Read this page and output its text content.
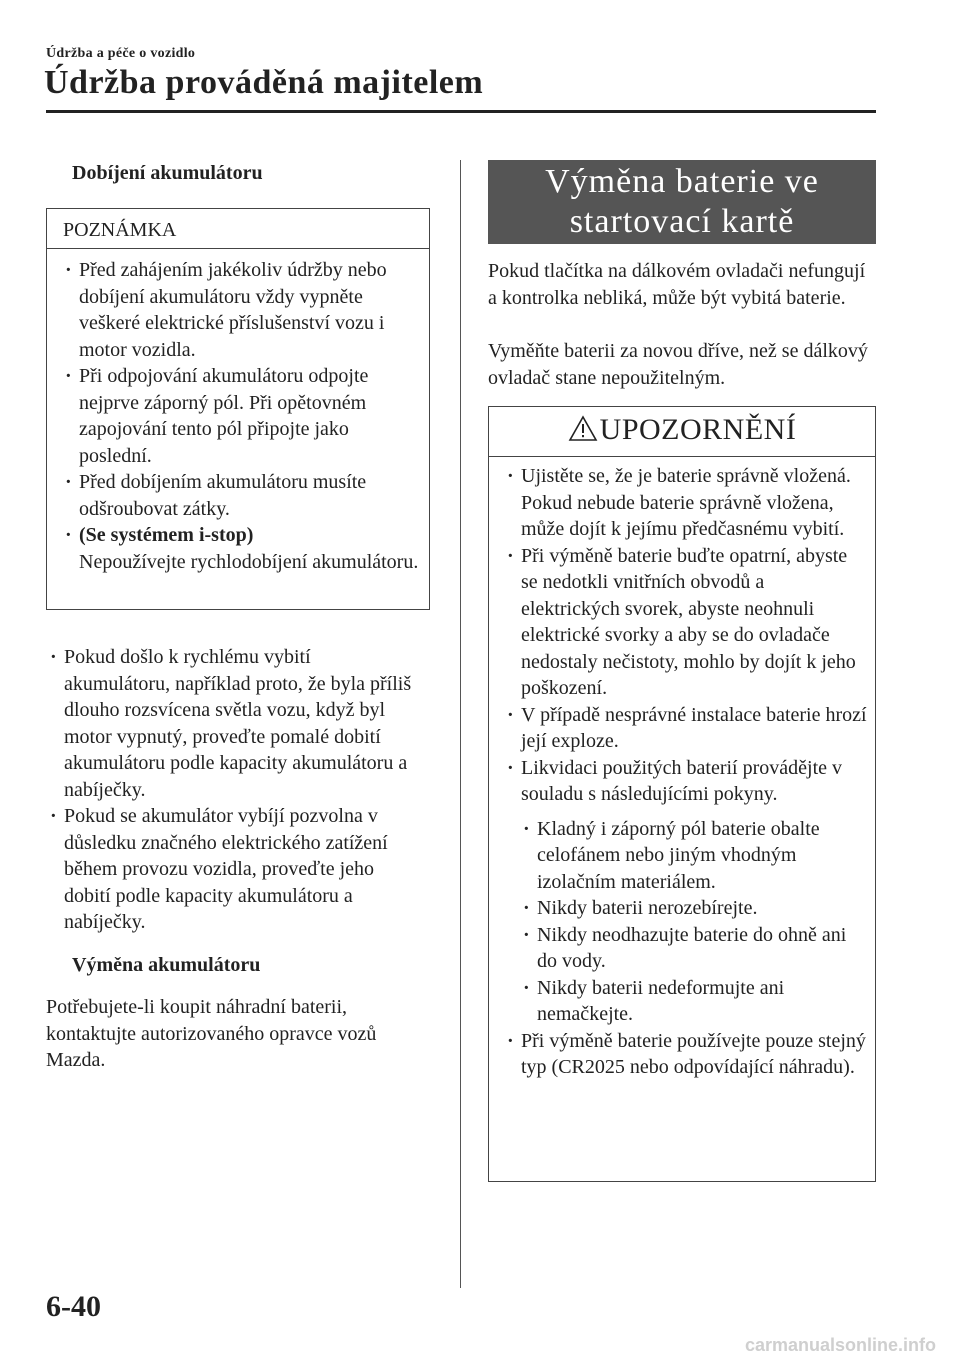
Údržba a péče o vozidlo
Údržba prováděná majitelem
Dobíjení akumulátoru
POZNÁMKA
· Před zahájením jakékoliv údržby nebo dobíjení akumulátoru vždy vypněte veškeré elektrické příslušenství vozu i motor vozidla.
· Při odpojování akumulátoru odpojte nejprve záporný pól. Při opětovném zapojování tento pól připojte jako poslední.
· Před dobíjením akumulátoru musíte odšroubovat zátky.
· (Se systémem i-stop)
Nepoužívejte rychlodobíjení akumulátoru.
· Pokud došlo k rychlému vybití akumulátoru, například proto, že byla příliš dlouho rozsvícena světla vozu, když byl motor vypnutý, proveďte pomalé dobití akumulátoru podle kapacity akumulátoru a nabíječky.
· Pokud se akumulátor vybíjí pozvolna v důsledku značného elektrického zatížení během provozu vozidla, proveďte jeho dobití podle kapacity akumulátoru a nabíječky.
Výměna akumulátoru
Potřebujete-li koupit náhradní baterii, kontaktujte autorizovaného opravce vozů Mazda.
Výměna baterie ve
startovací kartě
Pokud tlačítka na dálkovém ovladači nefungují a kontrolka nebliká, může být vybitá baterie.
Vyměňte baterii za novou dříve, než se dálkový ovladač stane nepoužitelným.
UPOZORNĚNÍ
· Ujistěte se, že je baterie správně vložená. Pokud nebude baterie správně vložena, může dojít k jejímu předčasnému vybití.
· Při výměně baterie buďte opatrní, abyste se nedotkli vnitřních obvodů a elektrických svorek, abyste neohnuli elektrické svorky a aby se do ovladače nedostaly nečistoty, mohlo by dojít k jeho poškození.
· V případě nesprávné instalace baterie hrozí její exploze.
· Likvidaci použitých baterií provádějte v souladu s následujícími pokyny.
· Kladný i záporný pól baterie obalte celofánem nebo jiným vhodným izolačním materiálem.
· Nikdy baterii nerozebírejte.
· Nikdy neodhazujte baterie do ohně ani do vody.
· Nikdy baterii nedeformujte ani nemačkejte.
· Při výměně baterie používejte pouze stejný typ (CR2025 nebo odpovídající náhradu).
6-40
carmanualsonline.info
